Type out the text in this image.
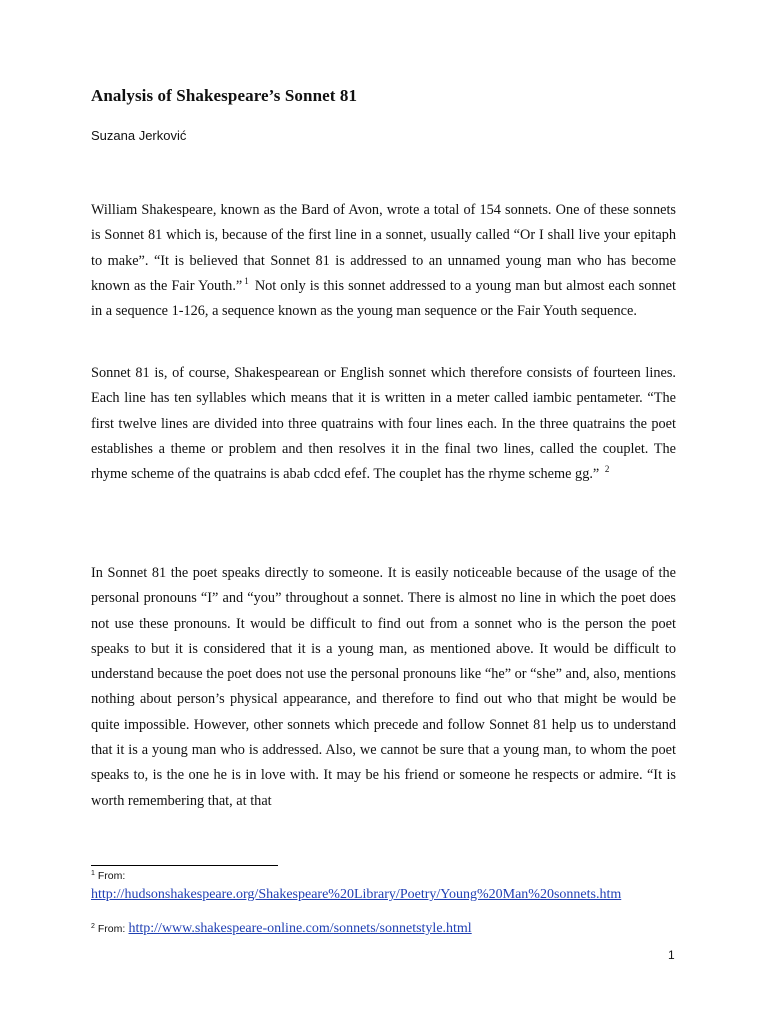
Analysis of Shakespeare’s Sonnet 81

Suzana Jerković

William Shakespeare, known as the Bard of Avon, wrote a total of 154 sonnets. One of these sonnets is Sonnet 81 which is, because of the first line in a sonnet, usually called “Or I shall live your epitaph to make”. “It is believed that Sonnet 81 is addressed to an unnamed young man who has become known as the Fair Youth.” $^1$ Not only is this sonnet addressed to a young man but almost each sonnet in a sequence 1-126, a sequence known as the young man sequence or the Fair Youth sequence.

Sonnet 81 is, of course, Shakespearean or English sonnet which therefore consists of fourteen lines. Each line has ten syllables which means that it is written in a meter called iambic pentameter. “The first twelve lines are divided into three quatrains with four lines each. In the three quatrains the poet establishes a theme or problem and then resolves it in the final two lines, called the couplet. The rhyme scheme of the quatrains is abab cdcd efef. The couplet has the rhyme scheme gg.” $^2$

In Sonnet 81 the poet speaks directly to someone. It is easily noticeable because of the usage of the personal pronouns “I” and “you” throughout a sonnet. There is almost no line in which the poet does not use these pronouns. It would be difficult to find out from a sonnet who is the person the poet speaks to but it is considered that it is a young man, as mentioned above. It would be difficult to understand because the poet does not use the personal pronouns like “he” or “she” and, also, mentions nothing about person’s physical appearance, and therefore to find out who that might be would be quite impossible. However, other sonnets which precede and follow Sonnet 81 help us to understand that it is a young man who is addressed. Also, we cannot be sure that a young man, to whom the poet speaks to, is the one he is in love with. It may be his friend or someone he respects or admire. “It is worth remembering that, at that

$^1$ From:
http://hudsonshakespeare.org/Shakespeare%20Library/Poetry/Young%20Man%20sonnets.htm
$^2$ From: http://www.shakespeare-online.com/sonnets/sonnetstyle.html
1
